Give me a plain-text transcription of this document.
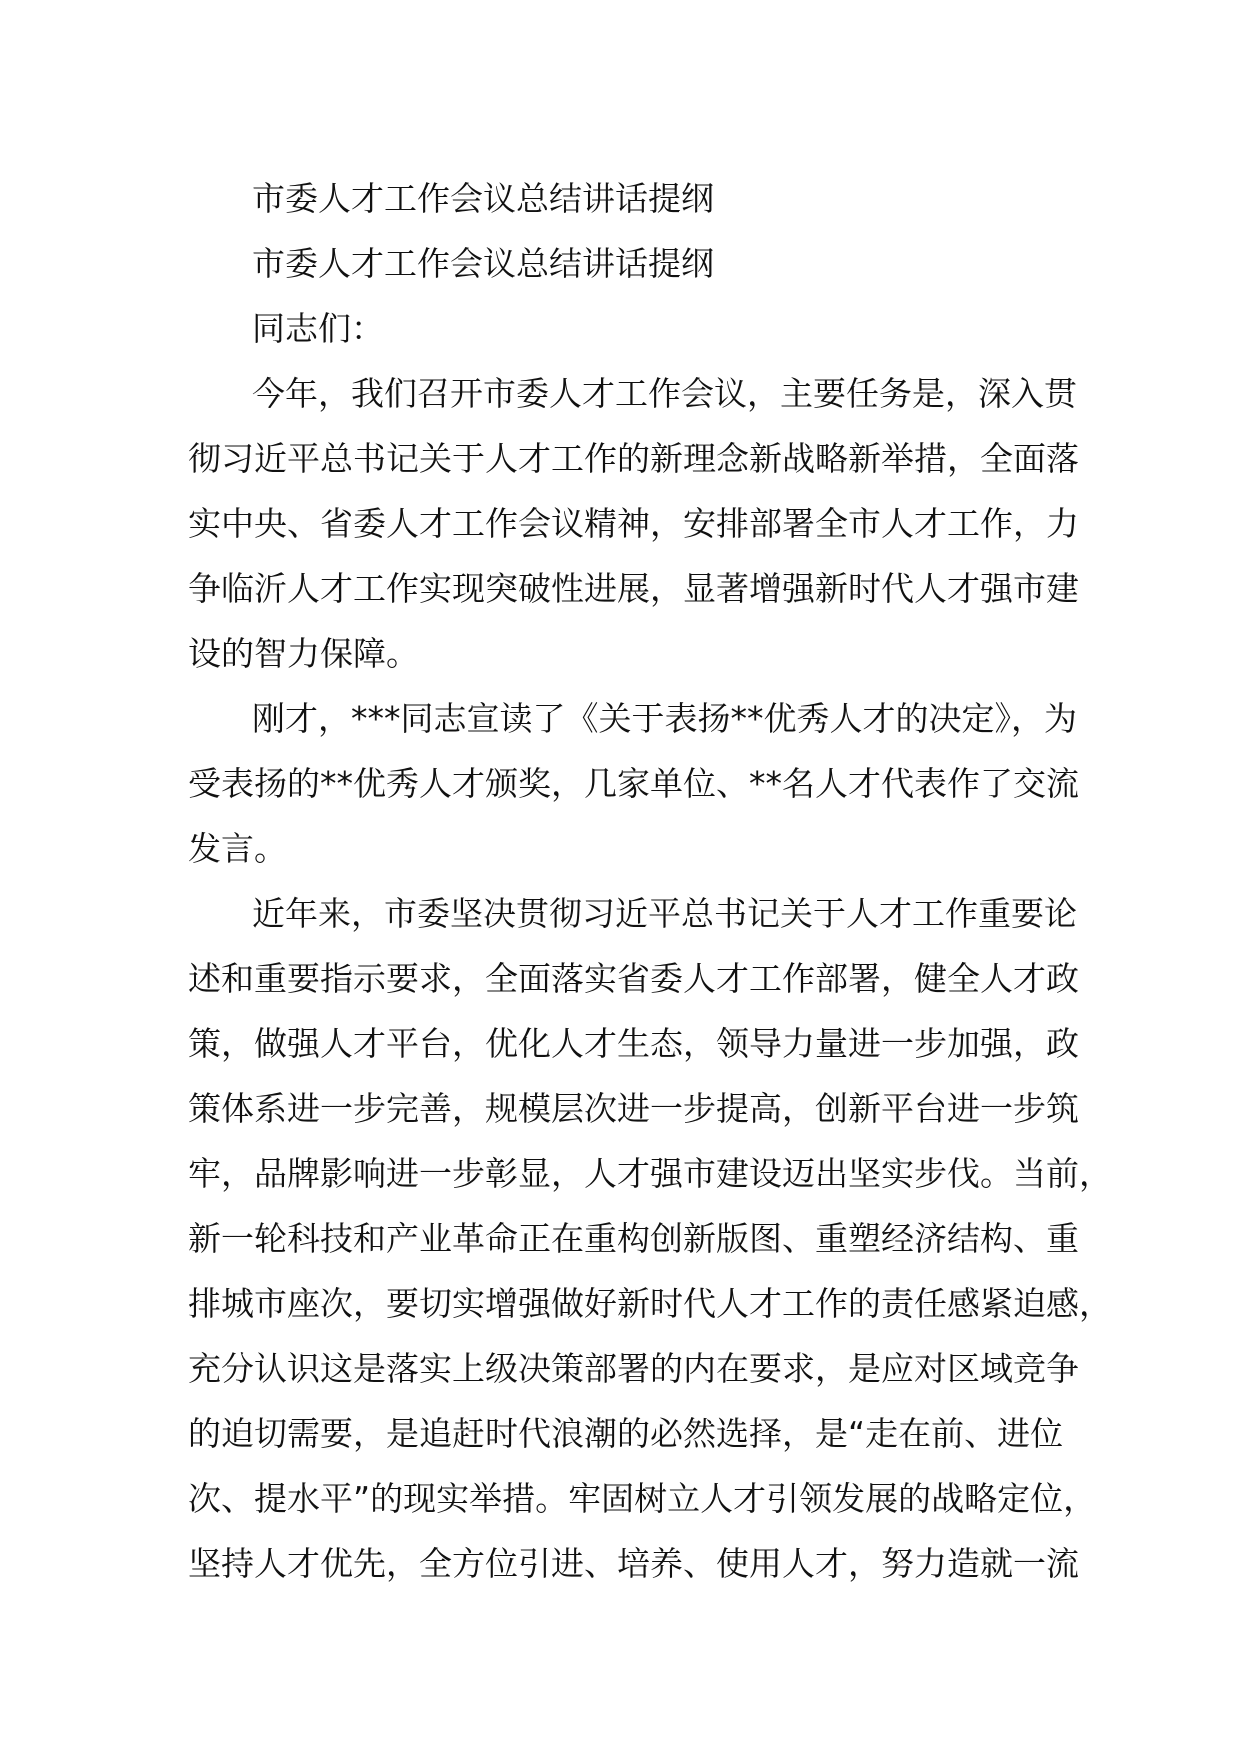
市委人才工作会议总结讲话提纲
市委人才工作会议总结讲话提纲
同志们：
今年，我们召开市委人才工作会议，主要任务是，深入贯
彻习近平总书记关于人才工作的新理念新战略新举措，全面落
实中央、省委人才工作会议精神，安排部署全市人才工作，力
争临沂人才工作实现突破性进展，显著增强新时代人才强市建
设的智力保障。
刚才，***同志宣读了《关于表扬**优秀人才的决定》，为
受表扬的**优秀人才颁奖，几家单位、**名人才代表作了交流
发言。
近年来，市委坚决贯彻习近平总书记关于人才工作重要论
述和重要指示要求，全面落实省委人才工作部署，健全人才政
策，做强人才平台，优化人才生态，领导力量进一步加强，政
策体系进一步完善，规模层次进一步提高，创新平台进一步筑
牢，品牌影响进一步彰显，人才强市建设迈出坚实步伐。当前，
新一轮科技和产业革命正在重构创新版图、重塑经济结构、重
排城市座次，要切实增强做好新时代人才工作的责任感紧迫感，
充分认识这是落实上级决策部署的内在要求，是应对区域竞争
的迫切需要，是追赶时代浪潮的必然选择，是“走在前、进位
次、提水平”的现实举措。牢固树立人才引领发展的战略定位，
坚持人才优先，全方位引进、培养、使用人才，努力造就一流
